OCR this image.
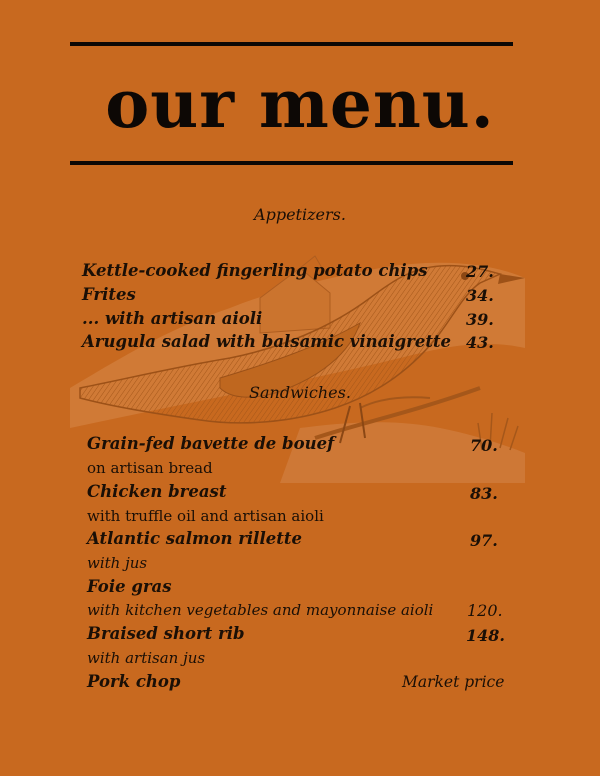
our menu.
Appetizers.
Kettle-cooked fingerling potato chips 27.
Frites	34.
... with artisan aioli	39.
Arugula salad with balsamic vinaigrette 43.
Sandwiches.
Grain-fed bavette de bouef	70.
on artisan bread
Chicken breast	83.
with truffle oil and artisan aioli
Atlantic salmon rillette	97.
with jus
Foie gras
with kitchen vegetables and mayonnaise aioli 120.
Braised short rib	148.
with artisan jus
Pork chop	Market price
